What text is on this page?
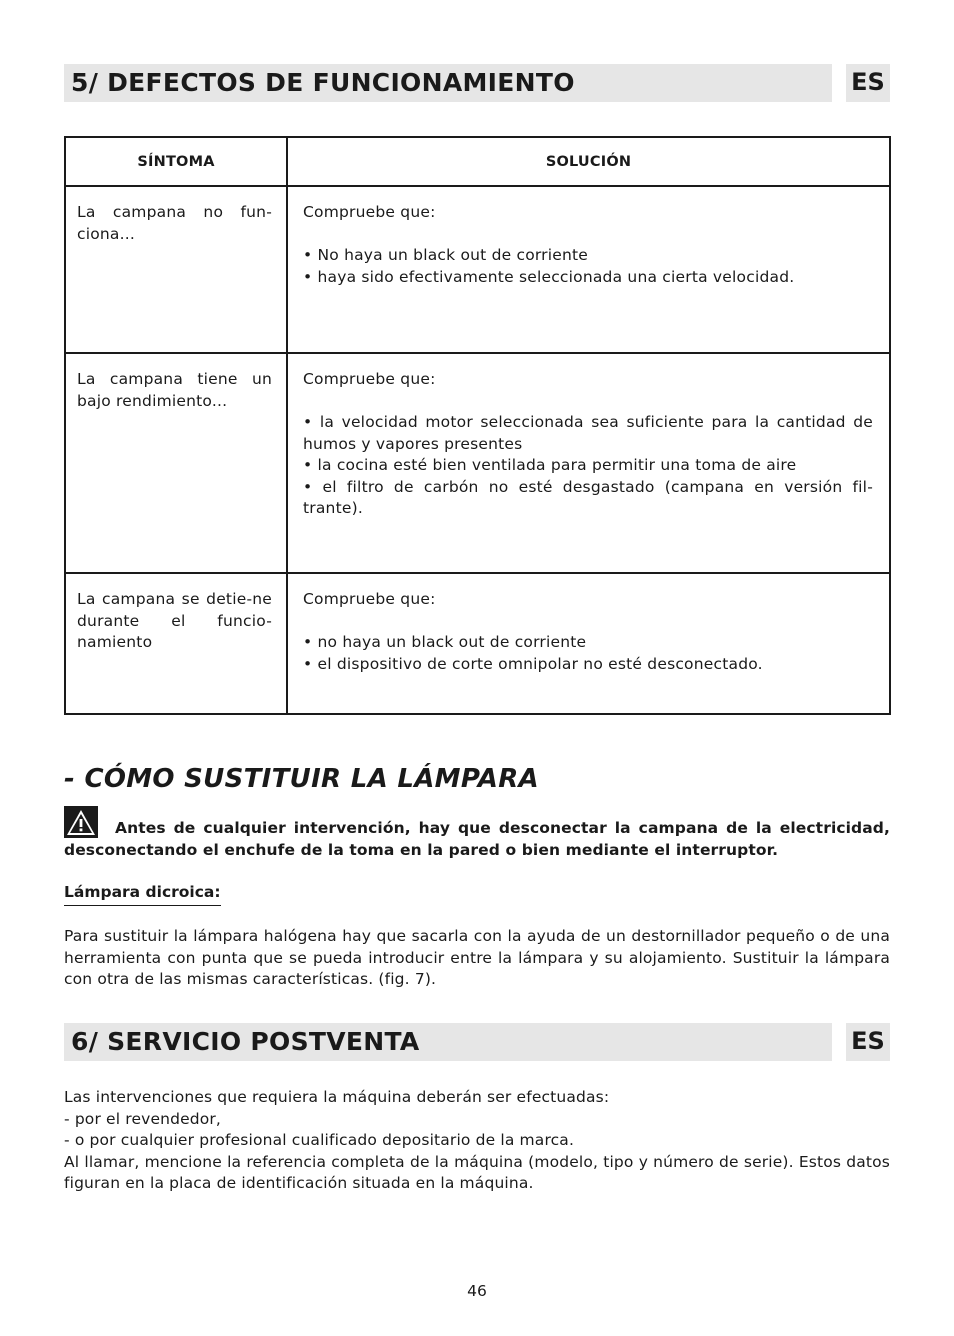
5/ DEFECTOS DE FUNCIONAMIENTO	ES
SÍNTOMA	SOLUCIÓN
La campana no fun-ciona...	Compruebe que:
• No haya un black out de corriente
• haya sido efectivamente seleccionada una cierta velocidad.

La campana tiene un bajo rendimiento...	Compruebe que:
• la velocidad motor seleccionada sea suficiente para la cantidad de humos y vapores presentes
• la cocina esté bien ventilada para permitir una toma de aire
• el filtro de carbón no esté desgastado (campana en versión fil-trante).

La campana se detie-ne durante el funcio-namiento	Compruebe que:
• no haya un black out de corriente
• el dispositivo de corte omnipolar no esté desconectado.
- CÓMO SUSTITUIR LA LÁMPARA
Antes de cualquier intervención, hay que desconectar la campana de la electricidad, desconectando el enchufe de la toma en la pared o bien mediante el interruptor.
Lámpara dicroica:

Para sustituir la lámpara halógena hay que sacarla con la ayuda de un destornillador pequeño o de una herramienta con punta que se pueda introducir entre la lámpara y su alojamiento. Sustituir la lámpara con otra de las mismas características. (fig. 7).

6/ SERVICIO POSTVENTA	ES

Las intervenciones que requiera la máquina deberán ser efectuadas:

- por el revendedor,

- o por cualquier profesional cualificado depositario de la marca.

Al llamar, mencione la referencia completa de la máquina (modelo, tipo y número de serie). Estos datos figuran en la placa de identificación situada en la máquina.

46
